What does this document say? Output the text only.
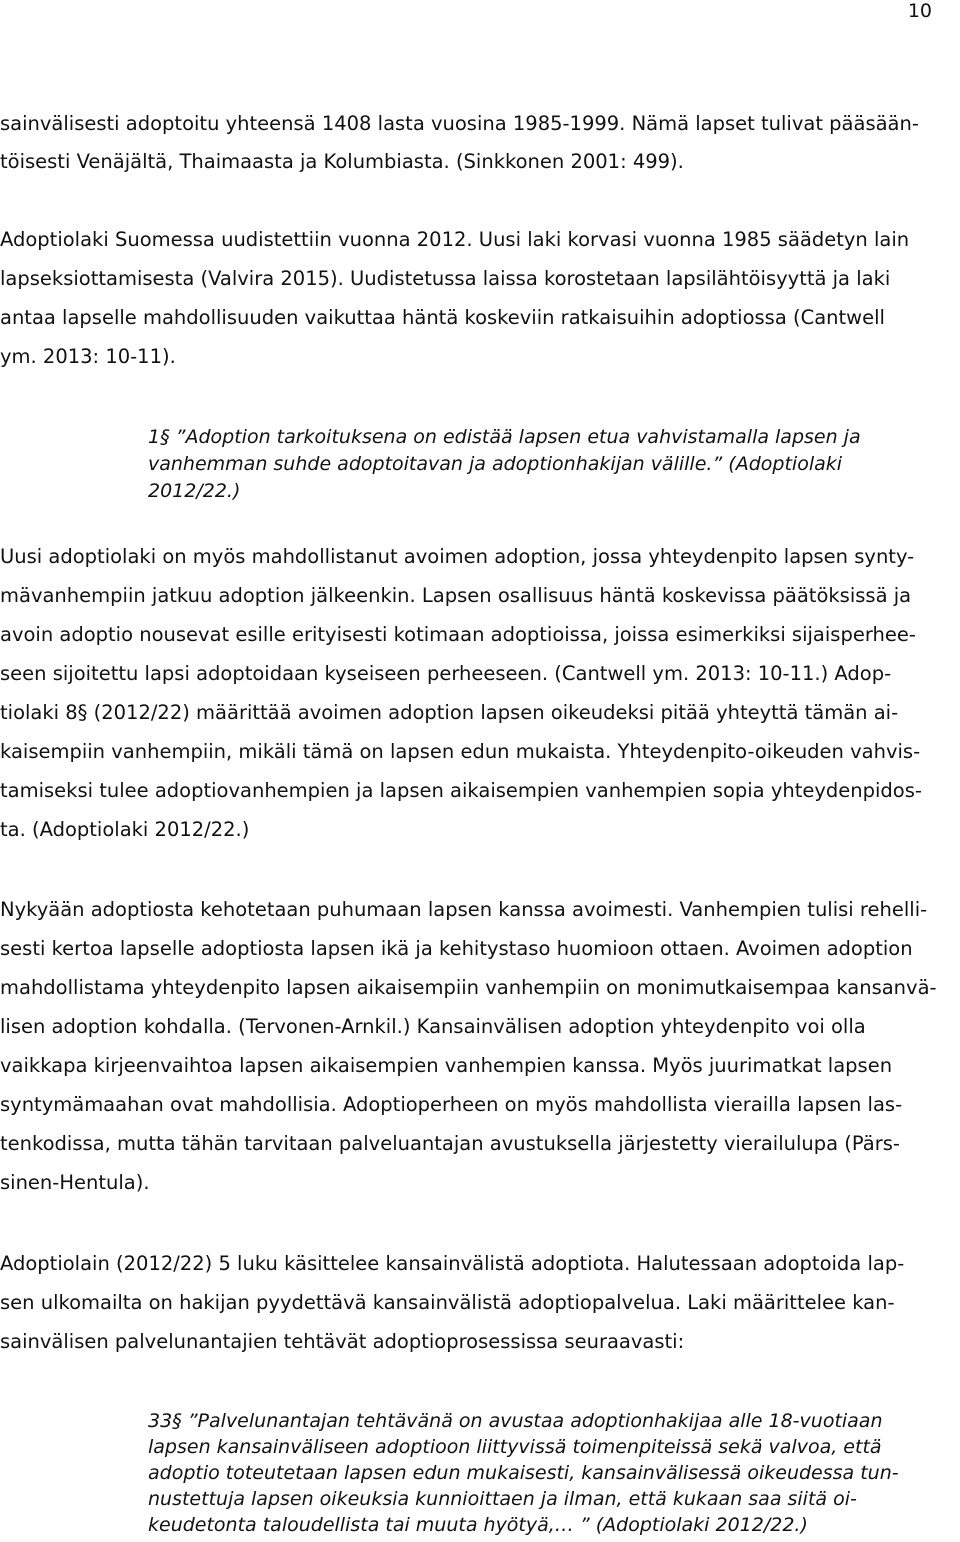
10
sainvälisesti adoptoitu yhteensä 1408 lasta vuosina 1985-1999. Nämä lapset tulivat pääsään-
töisesti Venäjältä, Thaimaasta ja Kolumbiasta. (Sinkkonen 2001: 499).
Adoptiolaki Suomessa uudistettiin vuonna 2012. Uusi laki korvasi vuonna 1985 säädetyn lain
lapseksiottamisesta (Valvira 2015). Uudistetussa laissa korostetaan lapsilähtöisyyttä ja laki
antaa lapselle mahdollisuuden vaikuttaa häntä koskeviin ratkaisuihin adoptiossa (Cantwell
ym. 2013: 10-11).
1§ ”Adoption tarkoituksena on edistää lapsen etua vahvistamalla lapsen ja
vanhemman suhde adoptoitavan ja adoptionhakijan välille.” (Adoptiolaki
2012/22.)
Uusi adoptiolaki on myös mahdollistanut avoimen adoption, jossa yhteydenpito lapsen synty-
mävanhempiin jatkuu adoption jälkeenkin. Lapsen osallisuus häntä koskevissa päätöksissä ja
avoin adoptio nousevat esille erityisesti kotimaan adoptioissa, joissa esimerkiksi sijaisperhee-
seen sijoitettu lapsi adoptoidaan kyseiseen perheeseen. (Cantwell ym. 2013: 10-11.) Adop-
tiolaki 8§ (2012/22) määrittää avoimen adoption lapsen oikeudeksi pitää yhteyttä tämän ai-
kaisempiin vanhempiin, mikäli tämä on lapsen edun mukaista. Yhteydenpito-oikeuden vahvis-
tamiseksi tulee adoptiovanhempien ja lapsen aikaisempien vanhempien sopia yhteydenpidos-
ta. (Adoptiolaki 2012/22.)
Nykyään adoptiosta kehotetaan puhumaan lapsen kanssa avoimesti. Vanhempien tulisi rehelli-
sesti kertoa lapselle adoptiosta lapsen ikä ja kehitystaso huomioon ottaen. Avoimen adoption
mahdollistama yhteydenpito lapsen aikaisempiin vanhempiin on monimutkaisempaa kansanvä-
lisen adoption kohdalla. (Tervonen-Arnkil.) Kansainvälisen adoption yhteydenpito voi olla
vaikkapa kirjeenvaihtoa lapsen aikaisempien vanhempien kanssa. Myös juurimatkat lapsen
syntymämaahan ovat mahdollisia. Adoptioperheen on myös mahdollista vierailla lapsen las-
tenkodissa, mutta tähän tarvitaan palveluantajan avustuksella järjestetty vierailulupa (Pärs-
sinen-Hentula).
Adoptiolain (2012/22) 5 luku käsittelee kansainvälistä adoptiota. Halutessaan adoptoida lap-
sen ulkomailta on hakijan pyydettävä kansainvälistä adoptiopalvelua. Laki määrittelee kan-
sainvälisen palvelunantajien tehtävät adoptioprosessissa seuraavasti:
33§ ”Palvelunantajan tehtävänä on avustaa adoptionhakijaa alle 18-vuotiaan
lapsen kansainväliseen adoptioon liittyvissä toimenpiteissä sekä valvoa, että
adoptio toteutetaan lapsen edun mukaisesti, kansainvälisessä oikeudessa tun-
nustettuja lapsen oikeuksia kunnioittaen ja ilman, että kukaan saa siitä oi-
keudetonta taloudellista tai muuta hyötyä,… ” (Adoptiolaki 2012/22.)
